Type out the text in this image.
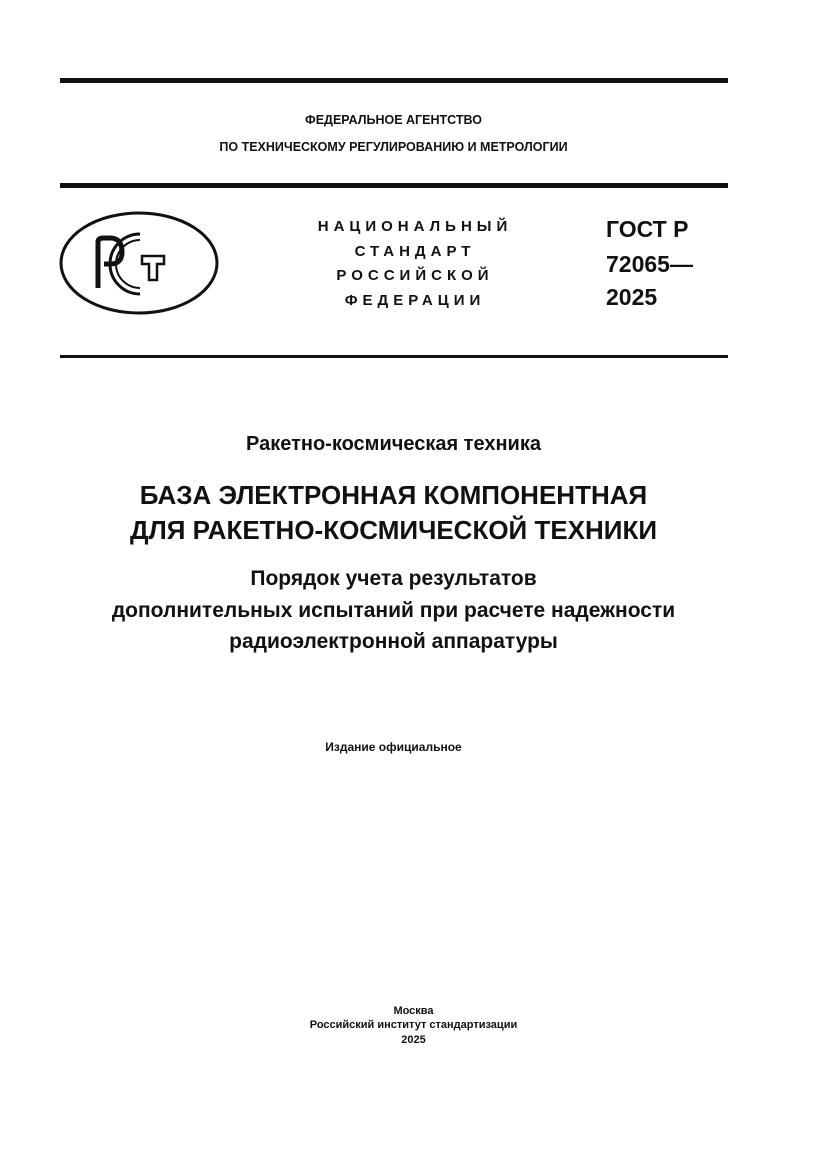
ФЕДЕРАЛЬНОЕ АГЕНТСТВО
ПО ТЕХНИЧЕСКОМУ РЕГУЛИРОВАНИЮ И МЕТРОЛОГИИ
НАЦИОНАЛЬНЫЙ
СТАНДАРТ
РОССИЙСКОЙ
ФЕДЕРАЦИИ
ГОСТ Р
72065—
2025
Ракетно-космическая техника
БАЗА ЭЛЕКТРОННАЯ КОМПОНЕНТНАЯ
ДЛЯ РАКЕТНО-КОСМИЧЕСКОЙ ТЕХНИКИ
Порядок учета результатов
дополнительных испытаний при расчете надежности
радиоэлектронной аппаратуры
Издание официальное
Москва
Российский институт стандартизации
2025
